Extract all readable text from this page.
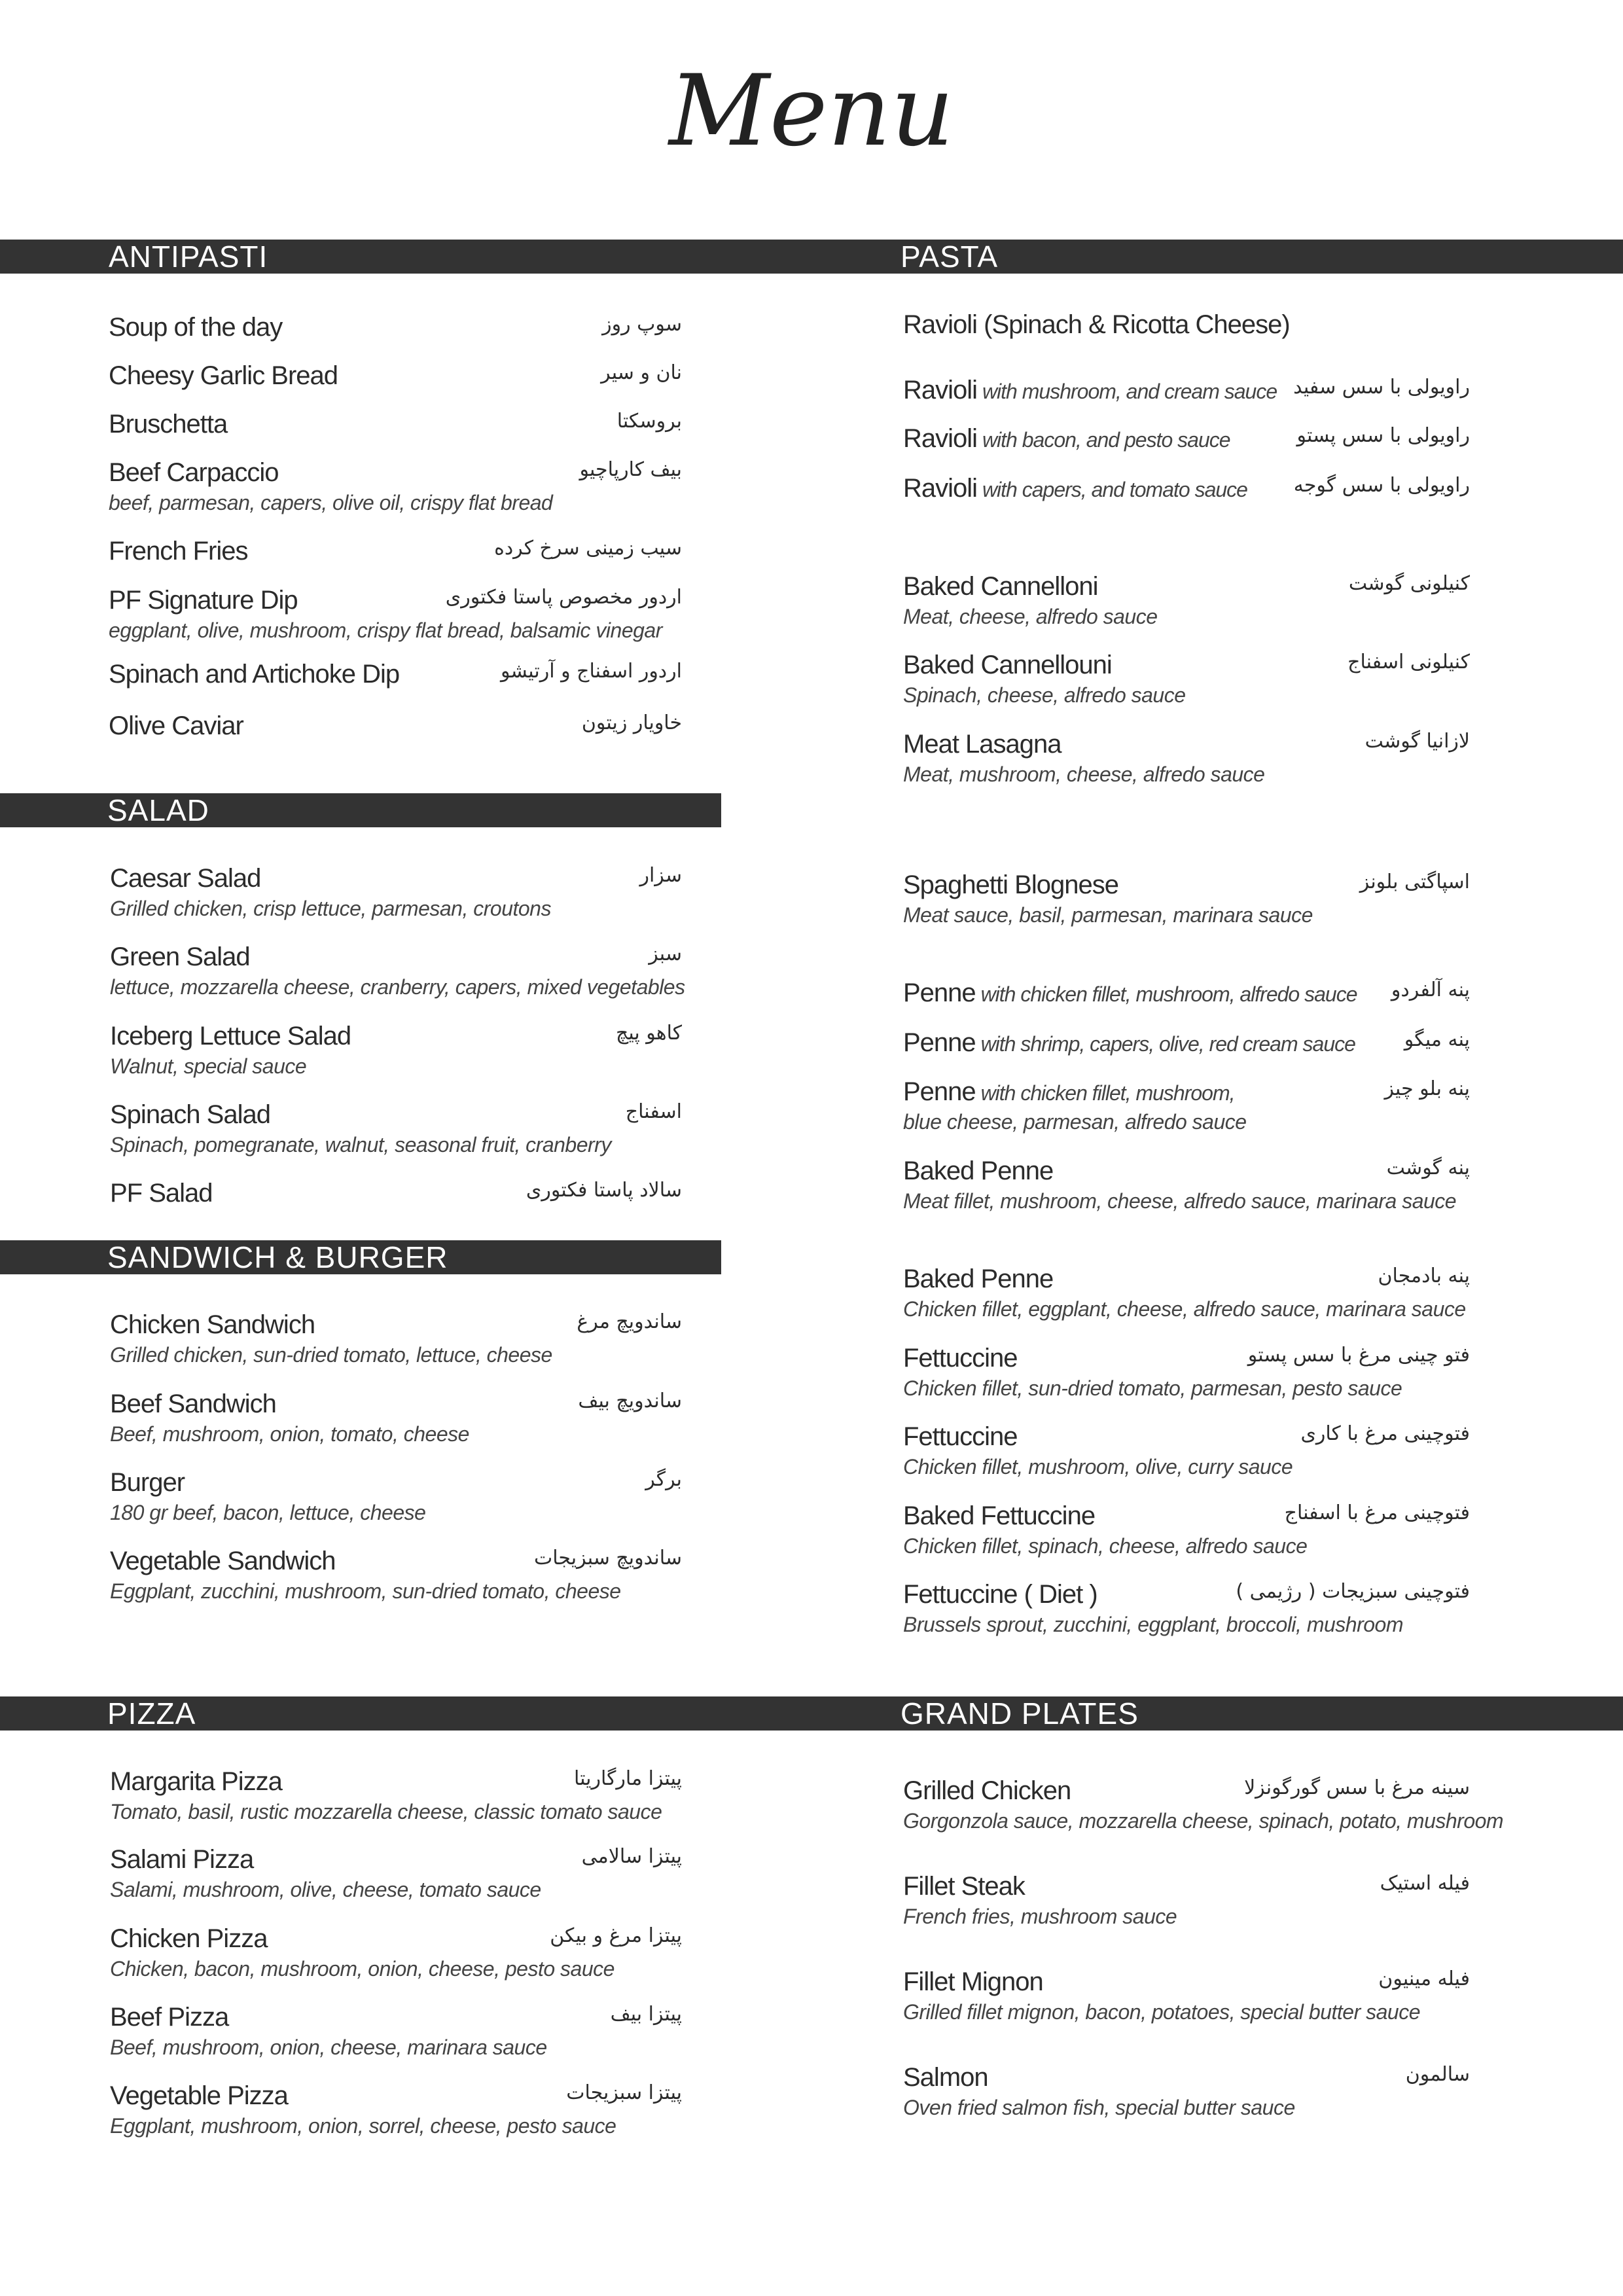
Menu
ANTIPASTI	PASTA
SALAD
SANDWICH & BURGER
PIZZA	GRAND PLATES
Soup of the day	سوپ روز
Cheesy Garlic Bread	نان و سیر
Bruschetta	بروسکتا
Beef Carpaccio	بیف کارپاچیو
beef, parmesan, capers, olive oil, crispy flat bread
French Fries	سیب زمینی سرخ کرده
PF Signature Dip	اردور مخصوص پاستا فکتوری
eggplant, olive, mushroom, crispy flat bread, balsamic vinegar
Spinach and Artichoke Dip	اردور اسفناج و آرتیشو
Olive Caviar	خاویار زیتون
Caesar Salad	سزار
Grilled chicken, crisp lettuce, parmesan, croutons
Green Salad	سبز
lettuce, mozzarella cheese, cranberry, capers, mixed vegetables
Iceberg Lettuce Salad	کاهو پیچ
Walnut, special sauce
Spinach Salad	اسفناج
Spinach, pomegranate, walnut, seasonal fruit, cranberry
PF Salad	سالاد پاستا فکتوری
Chicken Sandwich	ساندویچ مرغ
Grilled chicken, sun-dried tomato, lettuce, cheese
Beef Sandwich	ساندویچ بیف
Beef, mushroom, onion, tomato, cheese
Burger	برگر
180 gr beef, bacon, lettuce, cheese
Vegetable Sandwich	ساندویچ سبزیجات
Eggplant, zucchini, mushroom, sun-dried tomato, cheese
Margarita Pizza	پیتزا مارگاریتا
Tomato, basil, rustic mozzarella cheese, classic tomato sauce
Salami Pizza	پیتزا سالامی
Salami, mushroom, olive, cheese, tomato sauce
Chicken Pizza	پیتزا مرغ و بیکن
Chicken, bacon, mushroom, onion, cheese, pesto sauce
Beef Pizza	پیتزا بیف
Beef, mushroom, onion, cheese, marinara sauce
Vegetable Pizza	پیتزا سبزیجات
Eggplant, mushroom, onion, sorrel, cheese, pesto sauce
Ravioli (Spinach & Ricotta Cheese)
Ravioli with mushroom, and cream sauce راویولی با سس سفید
Ravioli with bacon, and pesto sauce	راویولی با سس پستو
Ravioli with capers, and tomato sauce راویولی با سس گوجه
Baked Cannelloni	کنیلونی گوشت
Meat, cheese, alfredo sauce
Baked Cannellouni	کنیلونی اسفناج
Spinach, cheese, alfredo sauce
Meat Lasagna	لازانیا گوشت
Meat, mushroom, cheese, alfredo sauce
Spaghetti Blognese	اسپاگتی بلونز
Meat sauce, basil, parmesan, marinara sauce
Penne with chicken fillet, mushroom, alfredo sauce پنه آلفردو
Penne with shrimp, capers, olive, red cream sauce پنه میگو
Penne with chicken fillet, mushroom,	پنه بلو چیز
blue cheese, parmesan, alfredo sauce
Baked Penne	پنه گوشت
Meat fillet, mushroom, cheese, alfredo sauce, marinara sauce
Baked Penne	پنه بادمجان
Chicken fillet, eggplant, cheese, alfredo sauce, marinara sauce
Fettuccine	فتو چینی مرغ با سس پستو
Chicken fillet, sun-dried tomato, parmesan, pesto sauce
Fettuccine	فتوچینی مرغ با کاری
Chicken fillet, mushroom, olive, curry sauce
Baked Fettuccine	فتوچینی مرغ با اسفناج
Chicken fillet, spinach, cheese, alfredo sauce
Fettuccine ( Diet )	فتوچینی سبزیجات ( رژیمی )
Brussels sprout, zucchini, eggplant, broccoli, mushroom
Grilled Chicken	سینه مرغ با سس گورگونزلا
Gorgonzola sauce, mozzarella cheese, spinach, potato, mushroom
Fillet Steak	فیله استیک
French fries, mushroom sauce
Fillet Mignon	فیله مینیون
Grilled fillet mignon, bacon, potatoes, special butter sauce
Salmon	سالمون
Oven fried salmon fish, special butter sauce
